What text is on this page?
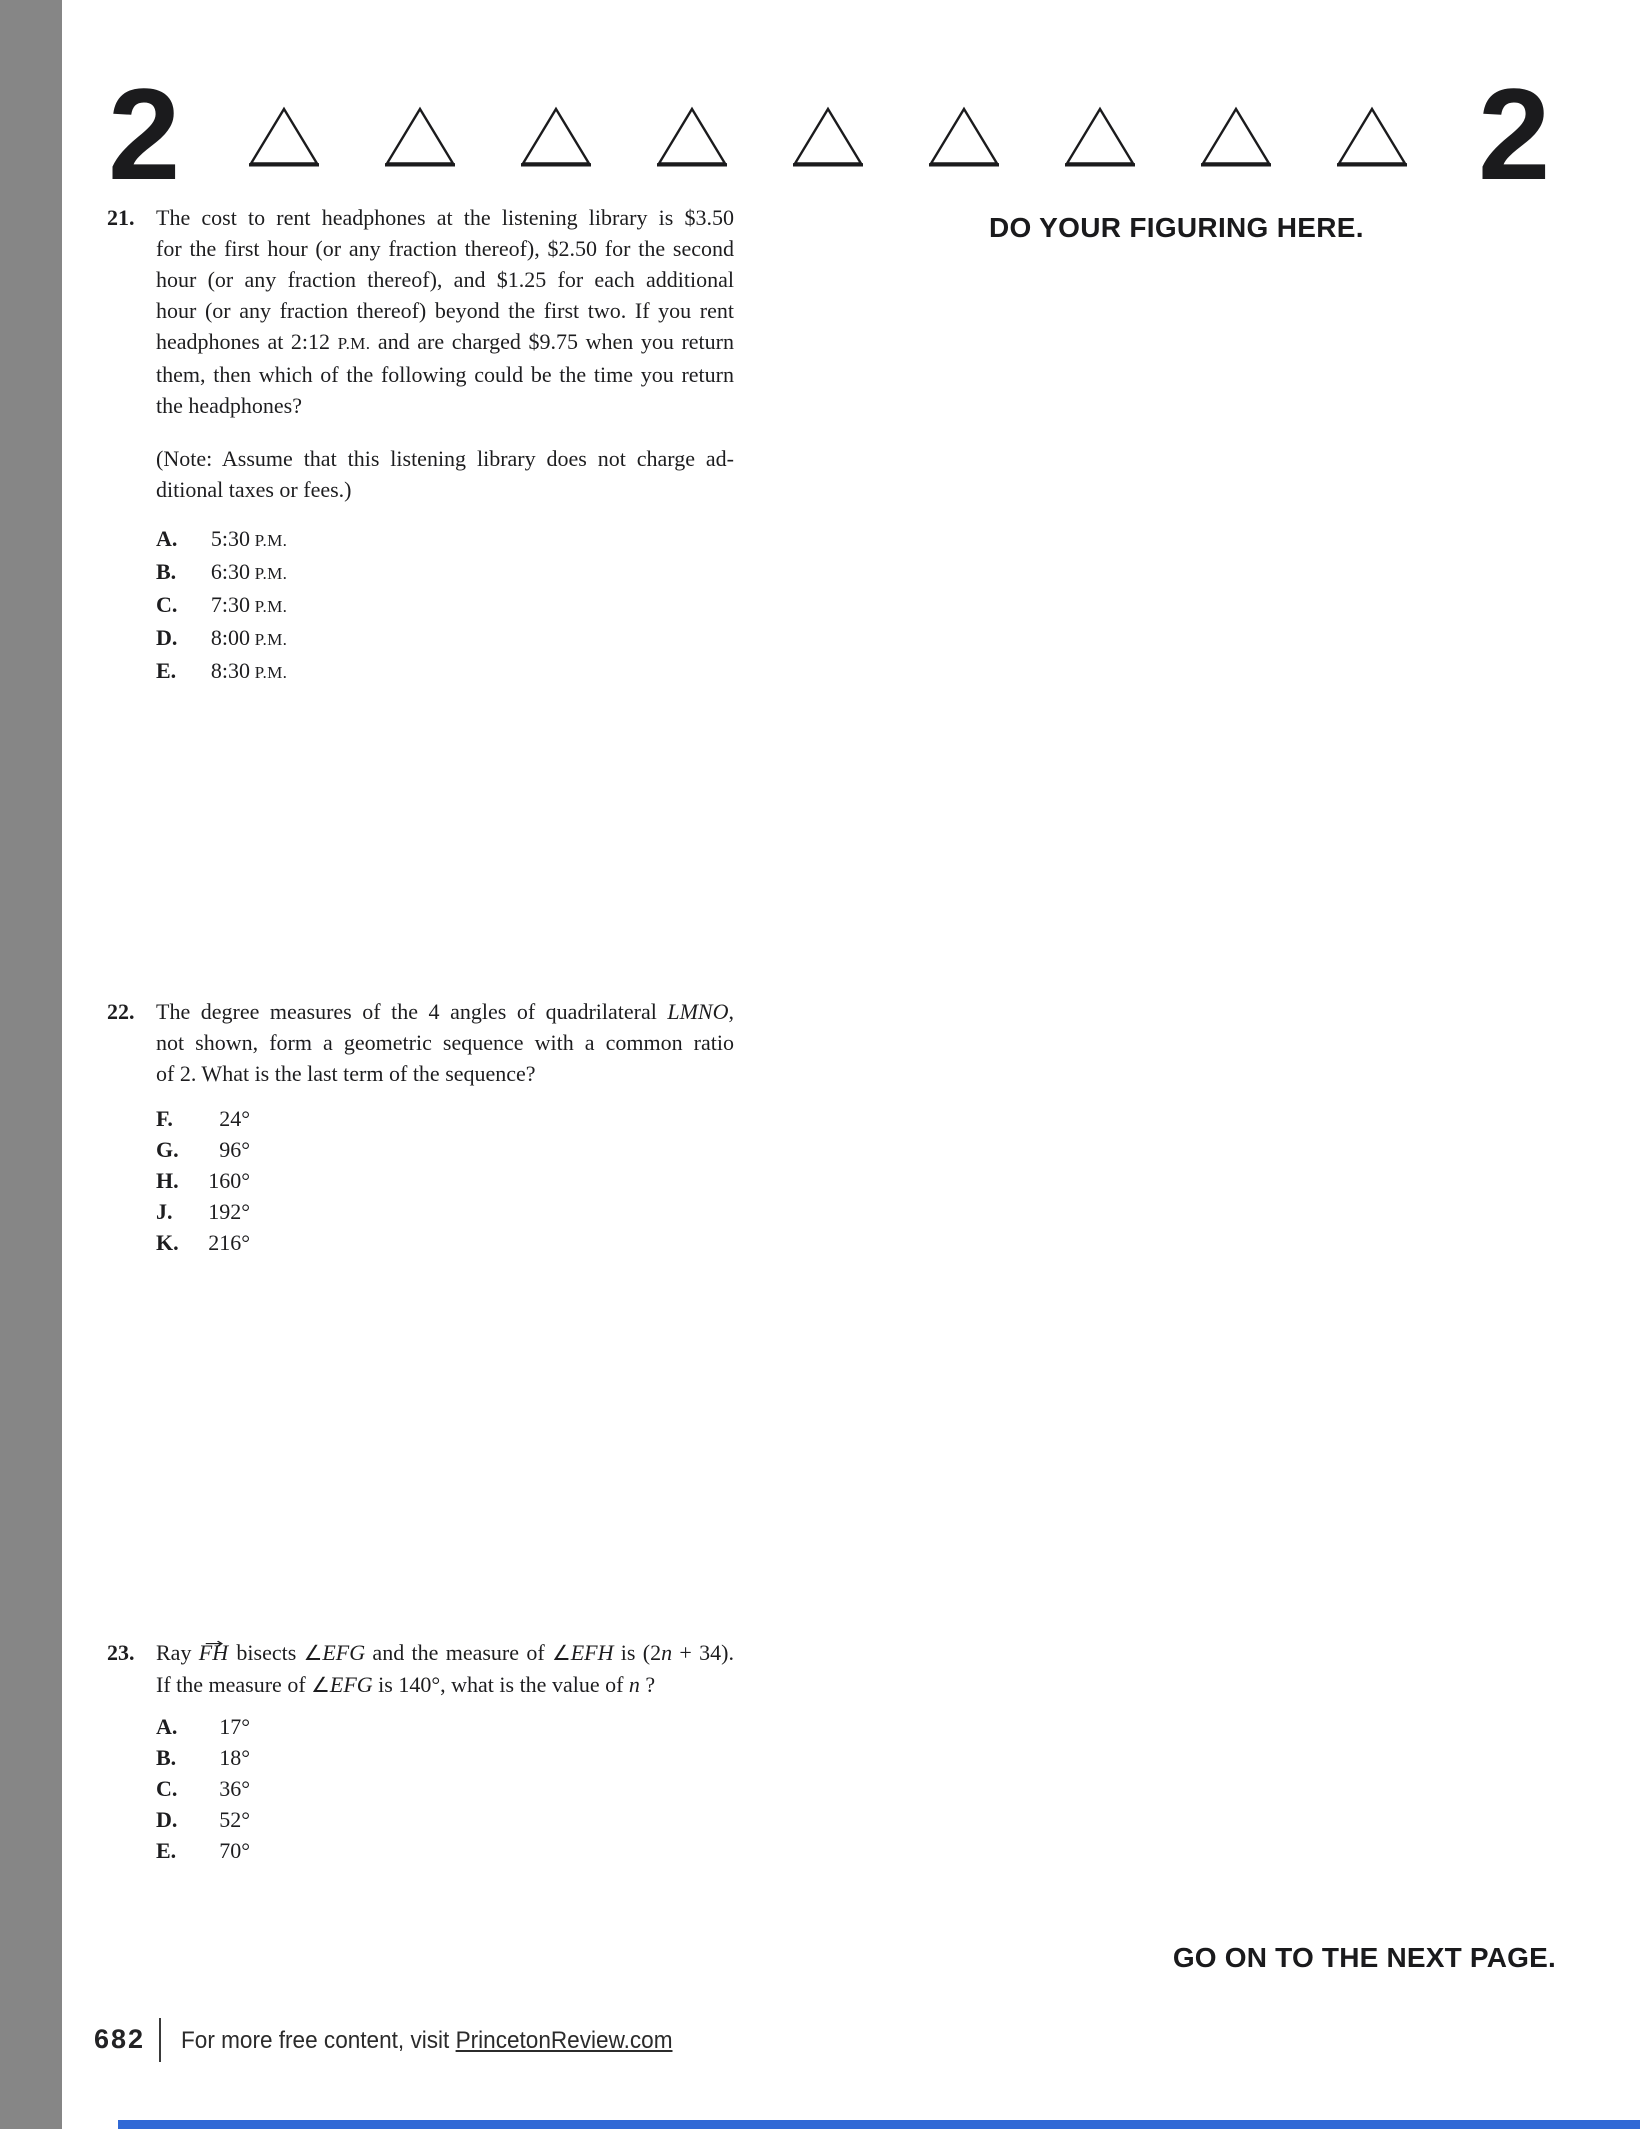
2	2
DO YOUR FIGURING HERE.
21. The cost to rent headphones at the listening library is $3.50
for the first hour (or any fraction thereof), $2.50 for the second
hour (or any fraction thereof), and $1.25 for each additional
hour (or any fraction thereof) beyond the first two. If you rent
headphones at 2:12 P.M. and are charged $9.75 when you return
them, then which of the following could be the time you return
the headphones?
(Note: Assume that this listening library does not charge ad-
ditional taxes or fees.)
A. 5:30 P.M.
B. 6:30 P.M.
C. 7:30 P.M.
D. 8:00 P.M.
E. 8:30 P.M.
22. The degree measures of the 4 angles of quadrilateral LMNO,
not shown, form a geometric sequence with a common ratio
of 2. What is the last term of the sequence?
F. 24°
G. 96°
H. 160°
J. 192°
K. 216°
23. Ray FH → bisects ∠EFG and the measure of ∠EFH is (2n + 34).
If the measure of ∠EFG is 140°, what is the value of n ?
A. 17°
B. 18°
C. 36°
D. 52°
E. 70°
GO ON TO THE NEXT PAGE.
682 For more free content, visit PrincetonReview.com
